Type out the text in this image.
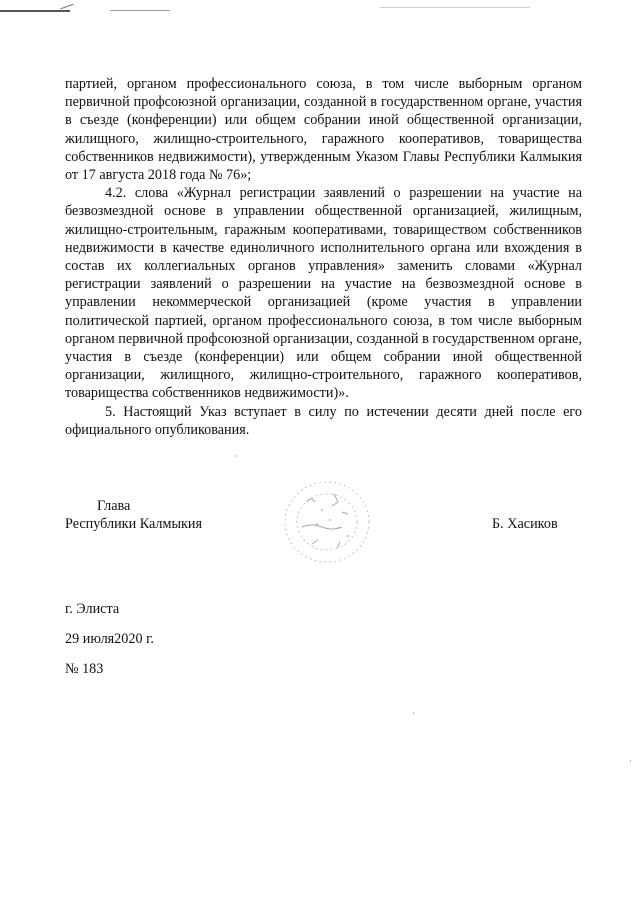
партией, органом профессионального союза, в том числе выборным органом первичной профсоюзной организации, созданной в государственном органе, участия в съезде (конференции) или общем собрании иной общественной организации, жилищного, жилищно-строительного, гаражного кооперативов, товарищества собственников недвижимости), утвержденным Указом Главы Республики Калмыкия от 17 августа 2018 года № 76»;

4.2. слова «Журнал регистрации заявлений о разрешении на участие на безвозмездной основе в управлении общественной организацией, жилищным, жилищно-строительным, гаражным кооперативами, товариществом собственников недвижимости в качестве единоличного исполнительного органа или вхождения в состав их коллегиальных органов управления» заменить словами «Журнал регистрации заявлений о разрешении на участие на безвозмездной основе в управлении некоммерческой организацией (кроме участия в управлении политической партией, органом профессионального союза, в том числе выборным органом первичной профсоюзной организации, созданной в государственном органе, участия в съезде (конференции) или общем собрании иной общественной организации, жилищного, жилищно-строительного, гаражного кооперативов, товарищества собственников недвижимости)».

5. Настоящий Указ вступает в силу по истечении десяти дней после его официального опубликования.

Глава
Республики Калмыкия	Б. Хасиков
г. Элиста
29 июля2020 г.
№ 183
